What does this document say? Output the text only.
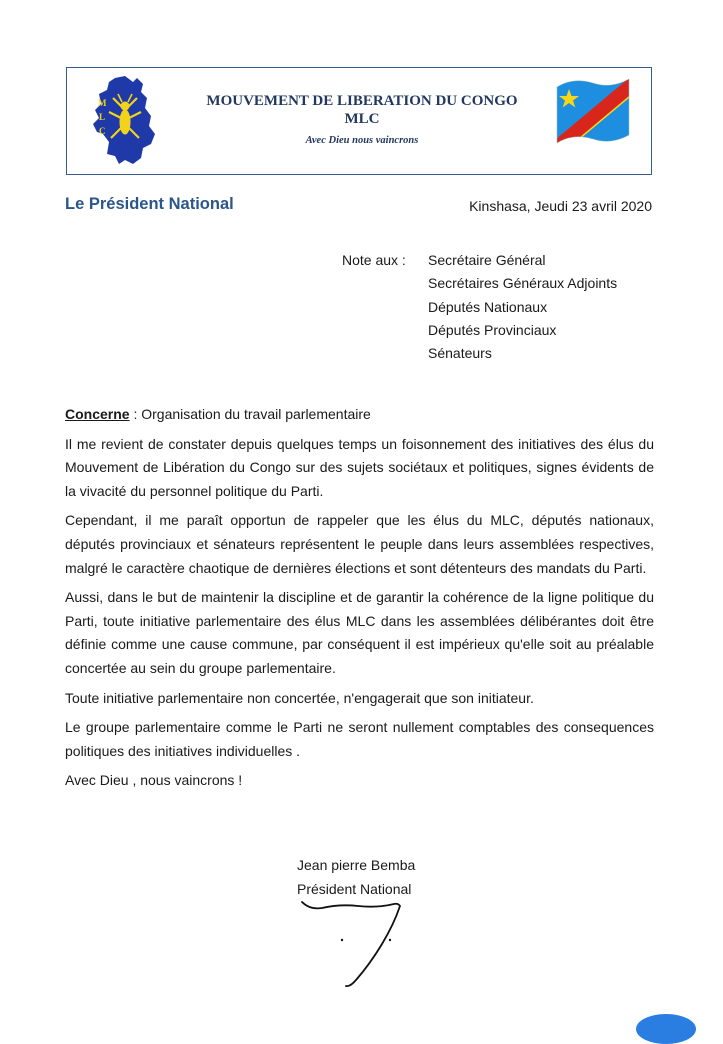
M
L
C
MOUVEMENT DE LIBERATION DU CONGO
MLC
Avec Dieu nous vaincrons
Le Président National	Kinshasa, Jeudi 23 avril 2020
Note aux : Secrétaire Général
Secrétaires Généraux Adjoints
Députés Nationaux
Députés Provinciaux
Sénateurs

Concerne : Organisation du travail parlementaire

Il me revient de constater depuis quelques temps un foisonnement des initiatives des élus du Mouvement de Libération du Congo sur des sujets sociétaux et politiques, signes évidents de la vivacité du personnel politique du Parti.

Cependant, il me paraît opportun de rappeler que les élus du MLC, députés nationaux, députés provinciaux et sénateurs représentent le peuple dans leurs assemblées respectives, malgré le caractère chaotique de dernières élections et sont détenteurs des mandats du Parti.

Aussi, dans le but de maintenir la discipline et de garantir la cohérence de la ligne politique du Parti, toute initiative parlementaire des élus MLC dans les assemblées délibérantes doit être définie comme une cause commune, par conséquent il est impérieux qu'elle soit au préalable concertée au sein du groupe parlementaire.

Toute initiative parlementaire non concertée, n'engagerait que son initiateur.

Le groupe parlementaire comme le Parti ne seront nullement comptables des consequences politiques des initiatives individuelles .

Avec Dieu , nous vaincrons !

Jean pierre Bemba
Président National
